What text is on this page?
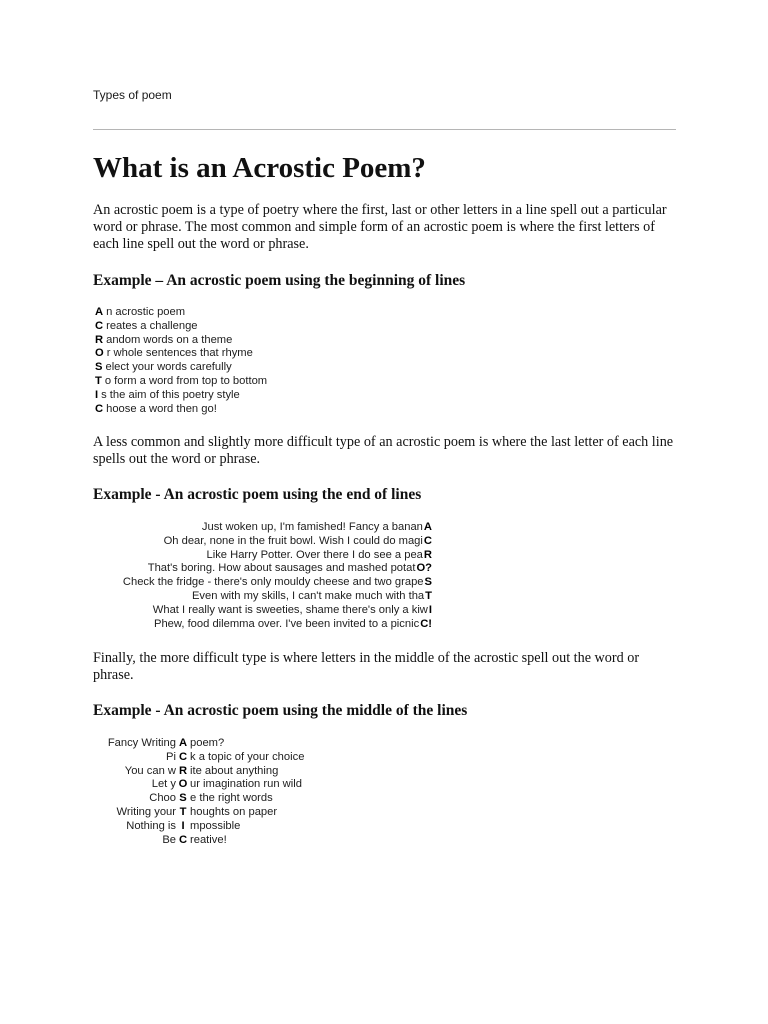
Types of poem
What is an Acrostic Poem?

An acrostic poem is a type of poetry where the first, last or other letters in a line spell out a particular word or phrase. The most common and simple form of an acrostic poem is where the first letters of each line spell out the word or phrase.

Example – An acrostic poem using the beginning of lines
A n acrostic poem
C reates a challenge
R andom words on a theme
O r whole sentences that rhyme
S elect your words carefully
T o form a word from top to bottom
I s the aim of this poetry style
C hoose a word then go!

A less common and slightly more difficult type of an acrostic poem is where the last letter of each line spells out the word or phrase.

Example - An acrostic poem using the end of lines
Just woken up, I'm famished! Fancy a bananA
Oh dear, none in the fruit bowl. Wish I could do magiC
Like Harry Potter. Over there I do see a peaR
That's boring. How about sausages and mashed potatO?
Check the fridge - there's only mouldy cheese and two grapeS
Even with my skills, I can't make much with thaT
What I really want is sweeties, shame there's only a kiwI
Phew, food dilemma over. I've been invited to a picnicC!

Finally, the more difficult type is where letters in the middle of the acrostic spell out the word or phrase.

Example - An acrostic poem using the middle of the lines
Fancy Writing A poem?
Pi C k a topic of your choice
You can w R ite about anything
Let y O ur imagination run wild
Choo S e the right words
Writing your T houghts on paper
Nothing is I mpossible
Be C reative!
